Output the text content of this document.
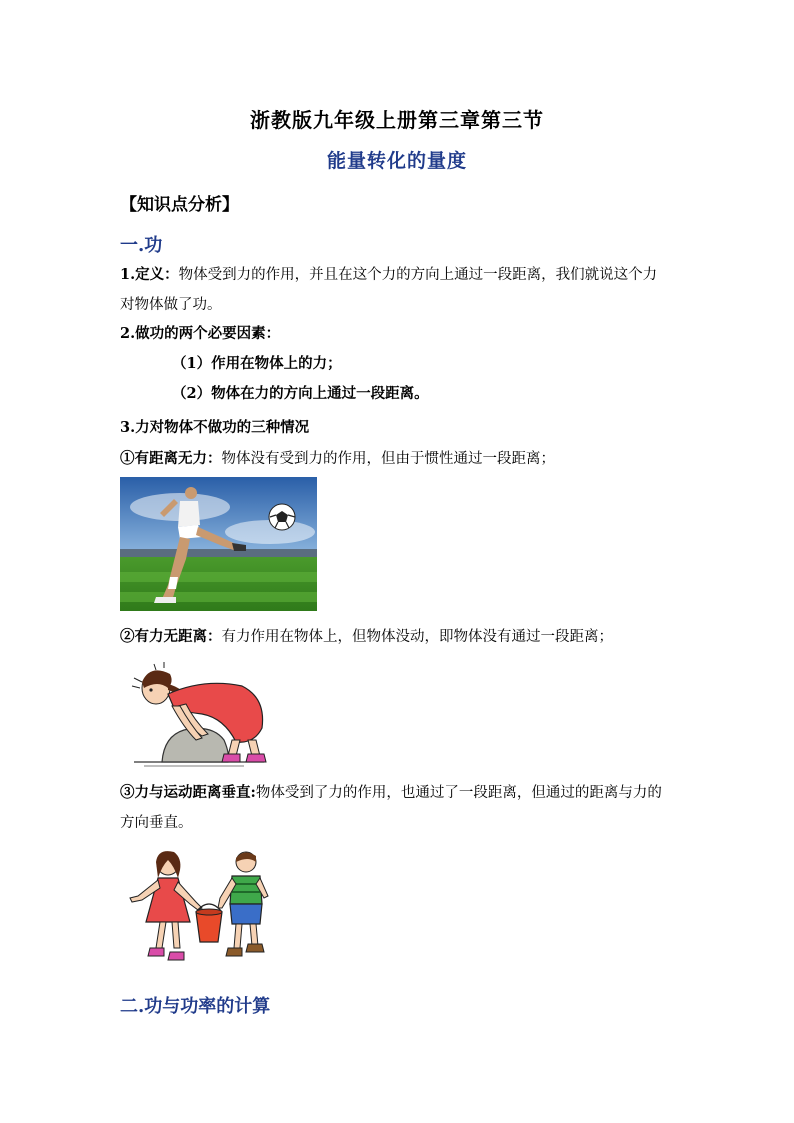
浙教版九年级上册第三章第三节
能量转化的量度
【知识点分析】
一.功
1.定义：物体受到力的作用，并且在这个力的方向上通过一段距离，我们就说这个力
对物体做了功。
2.做功的两个必要因素：
（1）作用在物体上的力；
（2）物体在力的方向上通过一段距离。
3.力对物体不做功的三种情况
①有距离无力：物体没有受到力的作用，但由于惯性通过一段距离；
②有力无距离：有力作用在物体上，但物体没动，即物体没有通过一段距离；
③力与运动距离垂直:物体受到了力的作用，也通过了一段距离，但通过的距离与力的
方向垂直。
二.功与功率的计算
